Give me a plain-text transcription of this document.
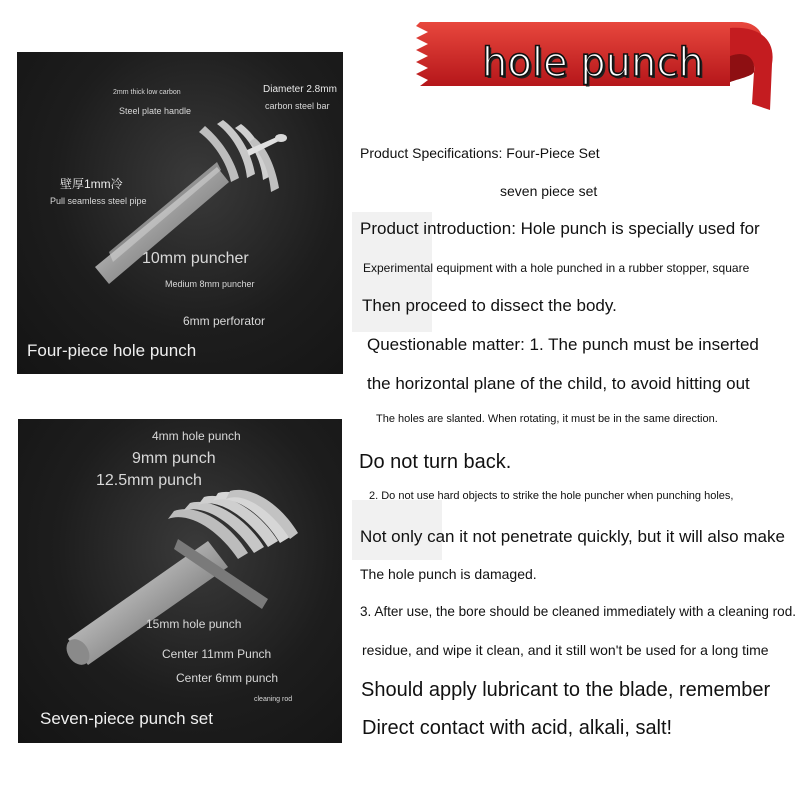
hole punch
2mm thick low carbon
Steel plate handle
Diameter 2.8mm
carbon steel bar
壁厚1mm冷
Pull seamless steel pipe
10mm puncher
Medium 8mm puncher
6mm perforator
Four-piece hole punch
4mm hole punch
9mm punch
12.5mm punch
15mm hole punch
Center 11mm Punch
Center 6mm punch
cleaning rod
Seven-piece punch set
Product Specifications: Four-Piece Set
seven piece set
Product introduction: Hole punch is specially used for
Experimental equipment with a hole punched in a rubber stopper, square
Then proceed to dissect the body.
Questionable matter: 1. The punch must be inserted
the horizontal plane of the child, to avoid hitting out
The holes are slanted. When rotating, it must be in the same direction.
Do not turn back.
2. Do not use hard objects to strike the hole puncher when punching holes,
Not only can it not penetrate quickly, but it will also make
The hole punch is damaged.
3. After use, the bore should be cleaned immediately with a cleaning rod.
residue, and wipe it clean, and it still won't be used for a long time
Should apply lubricant to the blade, remember
Direct contact with acid, alkali, salt!
